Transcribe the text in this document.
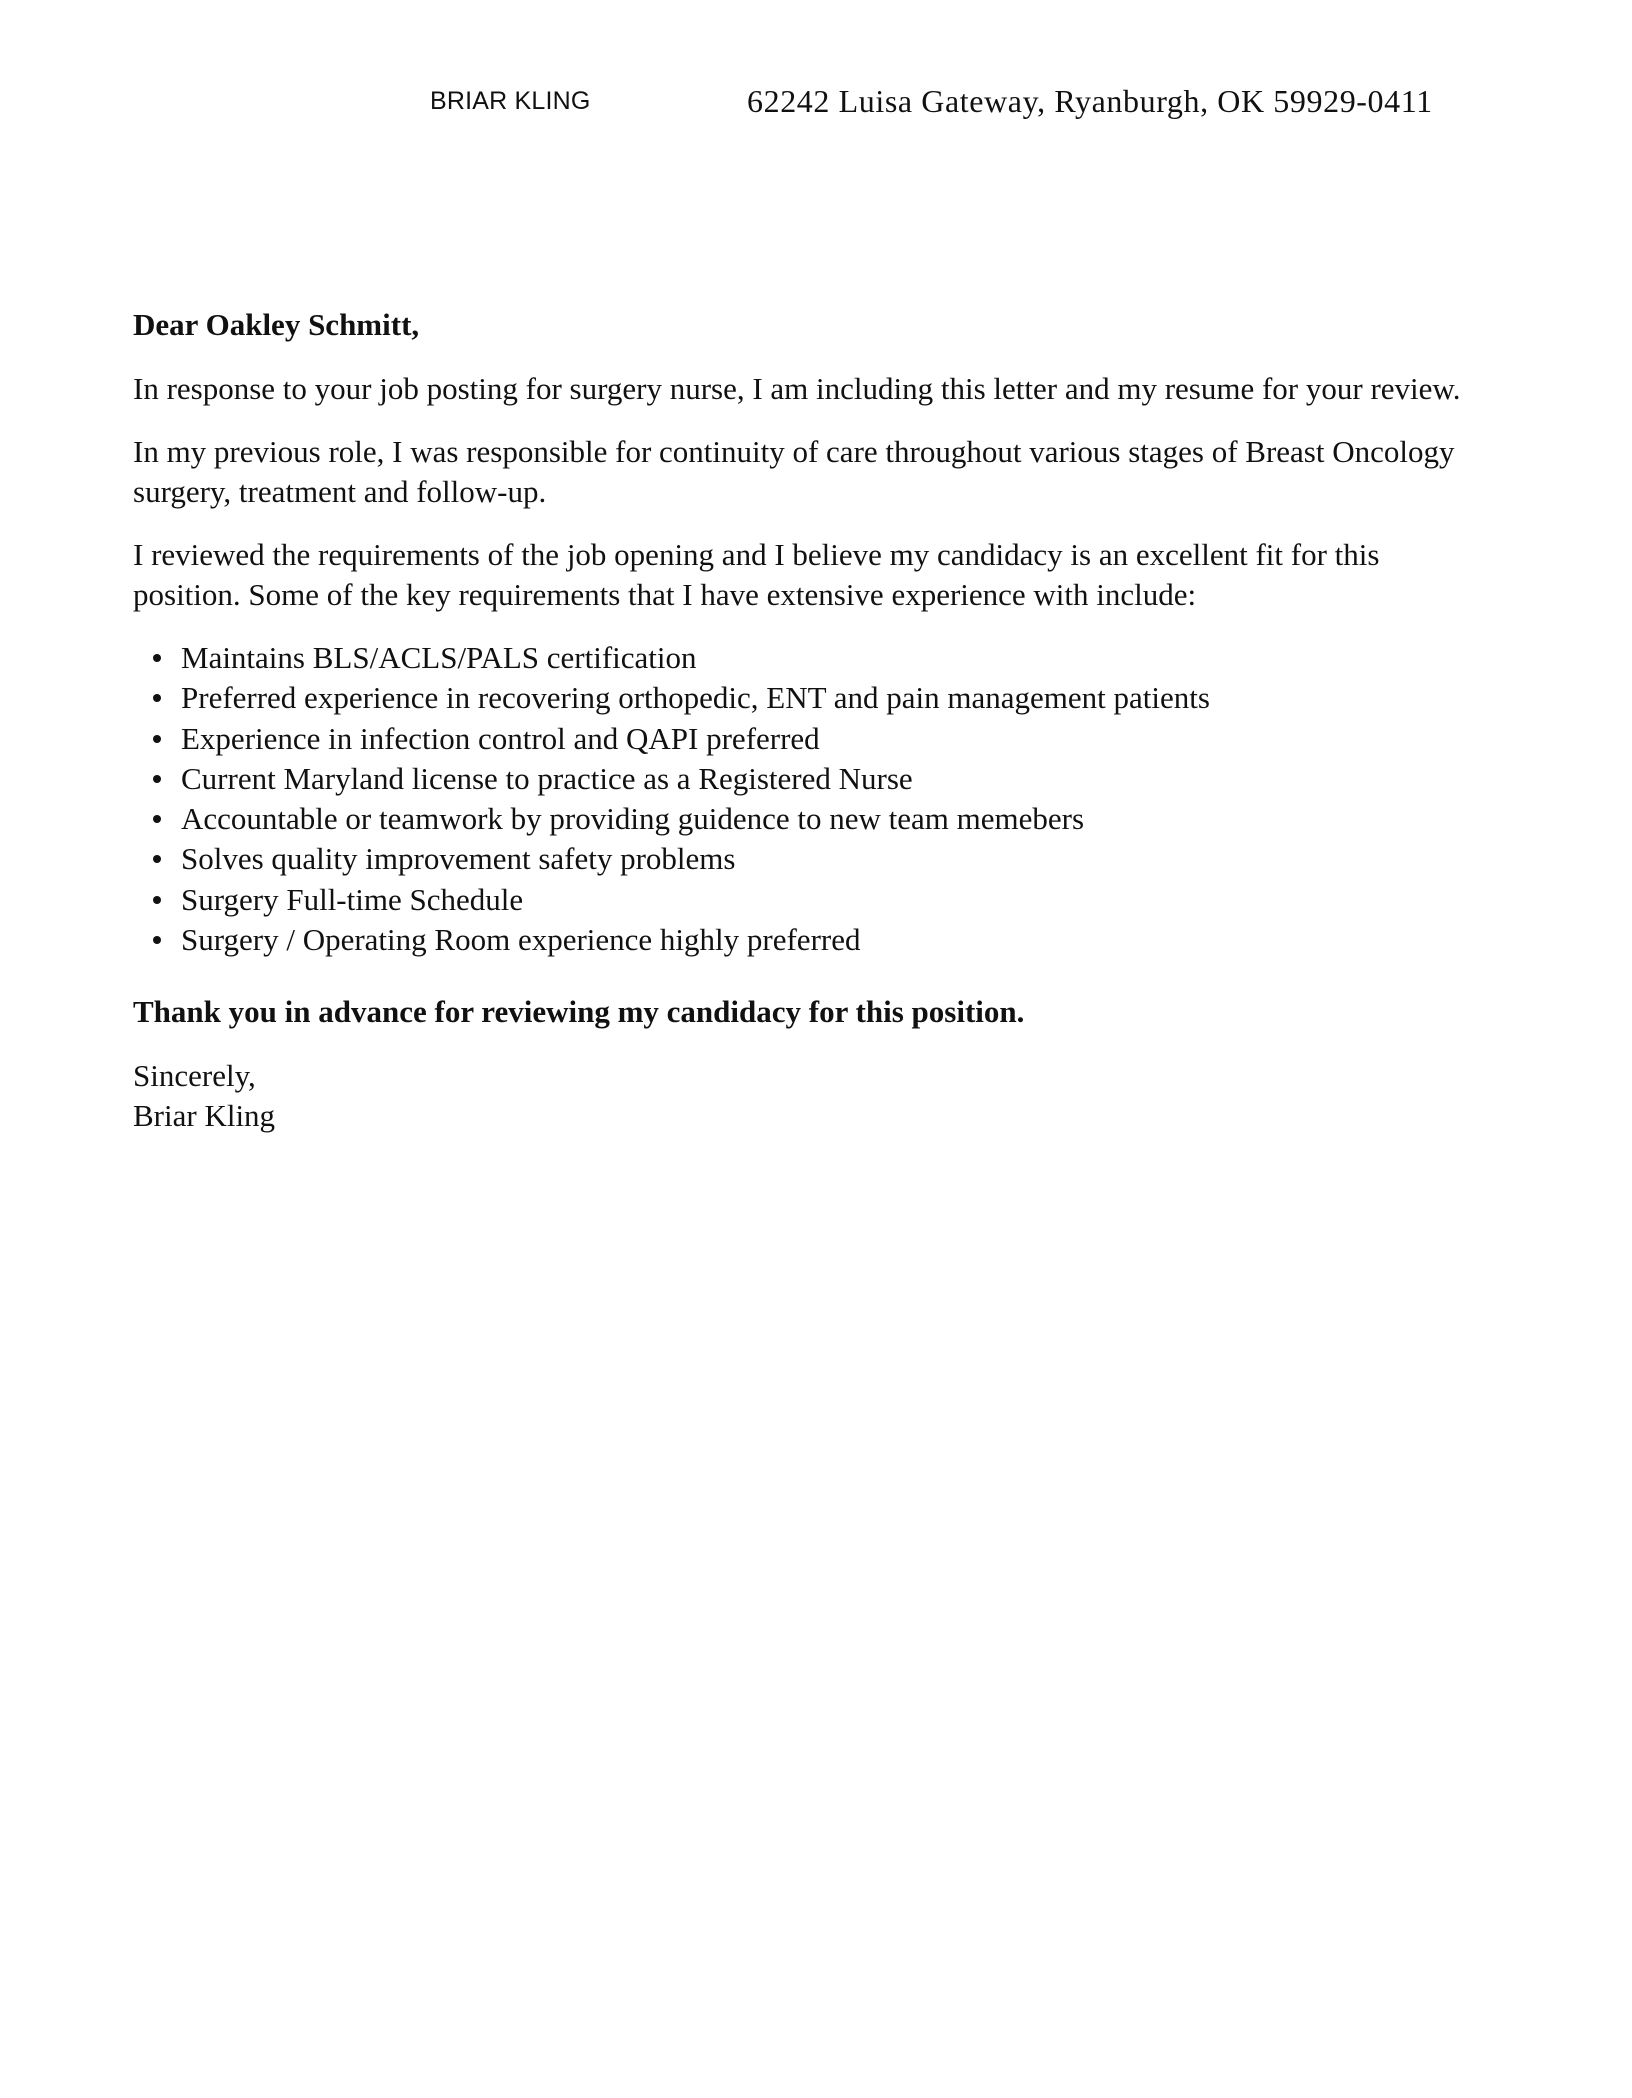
BRIAR KLING	62242 Luisa Gateway, Ryanburgh, OK 59929-0411

Dear Oakley Schmitt,

In response to your job posting for surgery nurse, I am including this letter and my resume for your review.

In my previous role, I was responsible for continuity of care throughout various stages of Breast Oncology surgery, treatment and follow-up.

I reviewed the requirements of the job opening and I believe my candidacy is an excellent fit for this position. Some of the key requirements that I have extensive experience with include:

Maintains BLS/ACLS/PALS certification
Preferred experience in recovering orthopedic, ENT and pain management patients
Experience in infection control and QAPI preferred
Current Maryland license to practice as a Registered Nurse
Accountable or teamwork by providing guidence to new team memebers
Solves quality improvement safety problems
Surgery Full-time Schedule
Surgery / Operating Room experience highly preferred

Thank you in advance for reviewing my candidacy for this position.

Sincerely,
Briar Kling
